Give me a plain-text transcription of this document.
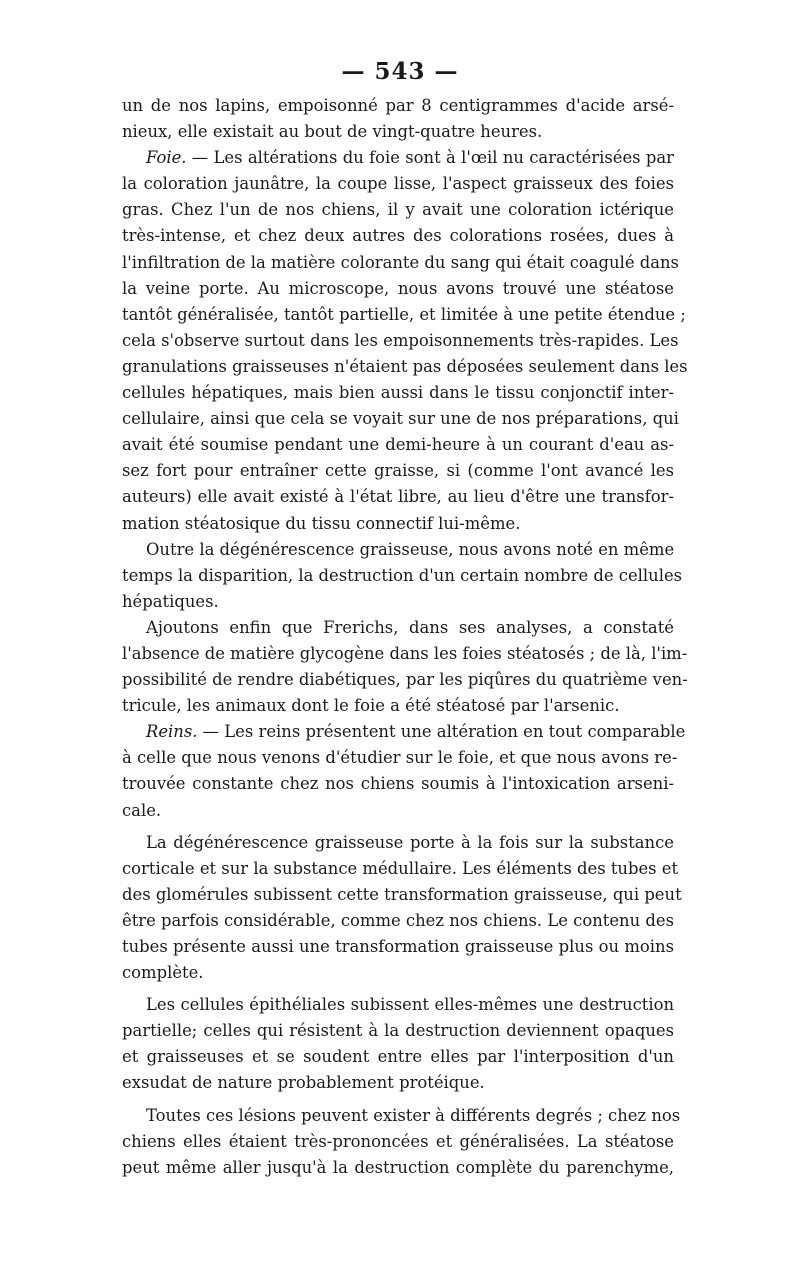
— 543 —
un de nos lapins, empoisonné par 8 centigrammes d'acide arsé-
nieux, elle existait au bout de vingt-quatre heures.
Foie. — Les altérations du foie sont à l'œil nu caractérisées par
la coloration jaunâtre, la coupe lisse, l'aspect graisseux des foies
gras. Chez l'un de nos chiens, il y avait une coloration ictérique
très-intense, et chez deux autres des colorations rosées, dues à
l'infiltration de la matière colorante du sang qui était coagulé dans
la veine porte. Au microscope, nous avons trouvé une stéatose
tantôt généralisée, tantôt partielle, et limitée à une petite étendue ;
cela s'observe surtout dans les empoisonnements très-rapides. Les
granulations graisseuses n'étaient pas déposées seulement dans les
cellules hépatiques, mais bien aussi dans le tissu conjonctif inter-
cellulaire, ainsi que cela se voyait sur une de nos préparations, qui
avait été soumise pendant une demi-heure à un courant d'eau as-
sez fort pour entraîner cette graisse, si (comme l'ont avancé les
auteurs) elle avait existé à l'état libre, au lieu d'être une transfor-
mation stéatosique du tissu connectif lui-même.
Outre la dégénérescence graisseuse, nous avons noté en même
temps la disparition, la destruction d'un certain nombre de cellules
hépatiques.
Ajoutons enfin que Frerichs, dans ses analyses, a constaté
l'absence de matière glycogène dans les foies stéatosés ; de là, l'im-
possibilité de rendre diabétiques, par les piqûres du quatrième ven-
tricule, les animaux dont le foie a été stéatosé par l'arsenic.
Reins. — Les reins présentent une altération en tout comparable
à celle que nous venons d'étudier sur le foie, et que nous avons re-
trouvée constante chez nos chiens soumis à l'intoxication arseni-
cale.
La dégénérescence graisseuse porte à la fois sur la substance
corticale et sur la substance médullaire. Les éléments des tubes et
des glomérules subissent cette transformation graisseuse, qui peut
être parfois considérable, comme chez nos chiens. Le contenu des
tubes présente aussi une transformation graisseuse plus ou moins
complète.
Les cellules épithéliales subissent elles-mêmes une destruction
partielle; celles qui résistent à la destruction deviennent opaques
et graisseuses et se soudent entre elles par l'interposition d'un
exsudat de nature probablement protéique.
Toutes ces lésions peuvent exister à différents degrés ; chez nos
chiens elles étaient très-prononcées et généralisées. La stéatose
peut même aller jusqu'à la destruction complète du parenchyme,
